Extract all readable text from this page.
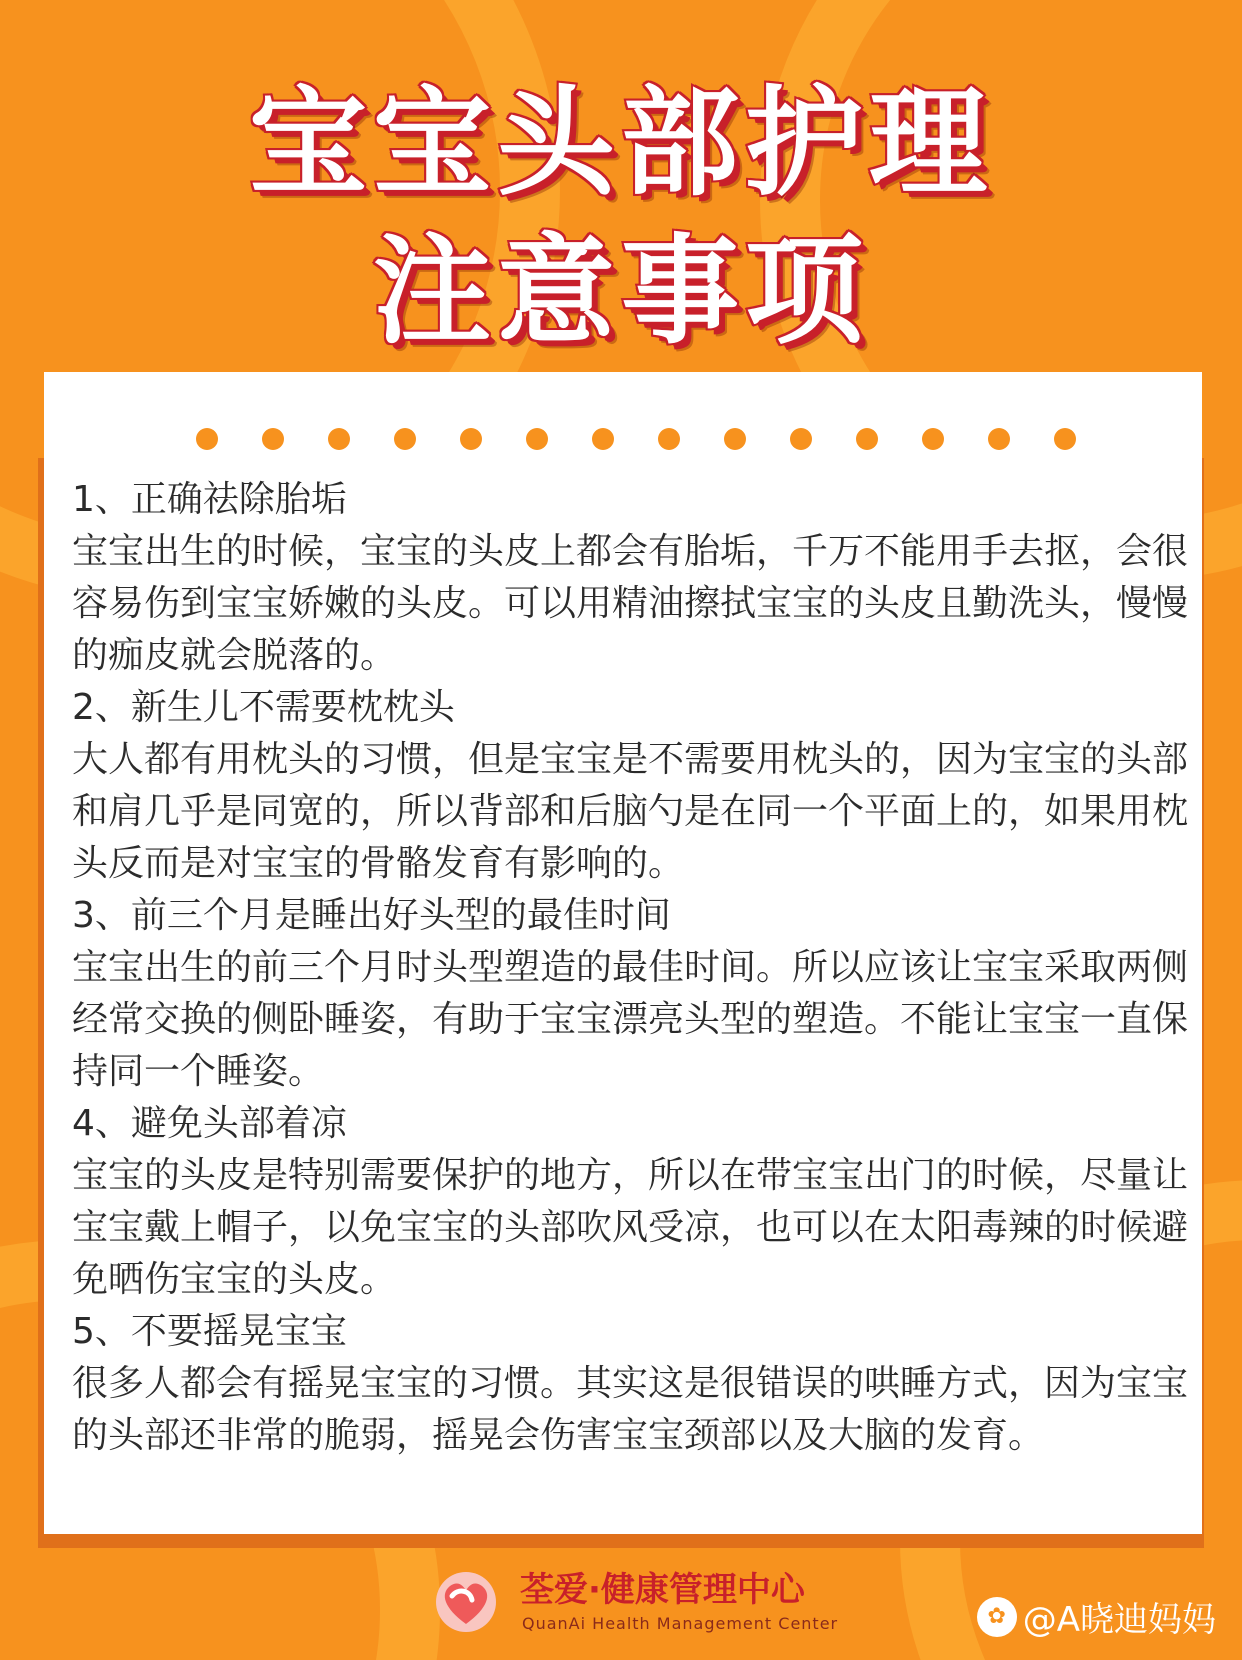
宝宝头部护理
注意事项
1、正确祛除胎垢
宝宝出生的时候，宝宝的头皮上都会有胎垢，千万不能用手去抠，会很容易伤到宝宝娇嫩的头皮。可以用精油擦拭宝宝的头皮且勤洗头，慢慢的痂皮就会脱落的。
2、新生儿不需要枕枕头
大人都有用枕头的习惯，但是宝宝是不需要用枕头的，因为宝宝的头部和肩几乎是同宽的，所以背部和后脑勺是在同一个平面上的，如果用枕头反而是对宝宝的骨骼发育有影响的。
3、前三个月是睡出好头型的最佳时间
宝宝出生的前三个月时头型塑造的最佳时间。所以应该让宝宝采取两侧经常交换的侧卧睡姿，有助于宝宝漂亮头型的塑造。不能让宝宝一直保持同一个睡姿。
4、避免头部着凉
宝宝的头皮是特别需要保护的地方，所以在带宝宝出门的时候，尽量让宝宝戴上帽子，以免宝宝的头部吹风受凉，也可以在太阳毒辣的时候避免晒伤宝宝的头皮。
5、不要摇晃宝宝
很多人都会有摇晃宝宝的习惯。其实这是很错误的哄睡方式，因为宝宝的头部还非常的脆弱，摇晃会伤害宝宝颈部以及大脑的发育。
荃爱·健康管理中心
QuanAi Health Management Center	✿ @A晓迪妈妈
